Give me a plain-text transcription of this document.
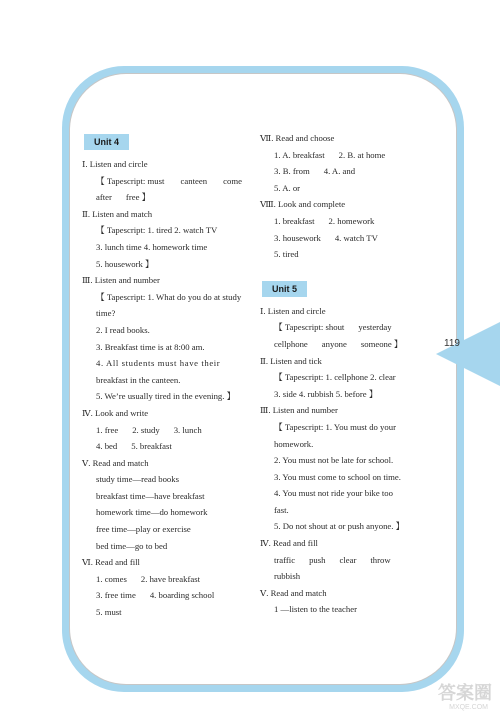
119
Unit 4
Ⅰ. Listen and circle
【 Tapescript: must canteen come
after free 】
Ⅱ. Listen and match
【 Tapescript: 1. tired 2. watch TV
3. lunch time 4. homework time
5. housework 】
Ⅲ. Listen and number
【 Tapescript: 1. What do you do at study
time?
2. I read books.
3. Breakfast time is at 8:00 am.
4. All students must have their
breakfast in the canteen.
5. We’re usually tired in the evening. 】
Ⅳ. Look and write
1. free 2. study 3. lunch
4. bed 5. breakfast
Ⅴ. Read and match
study time—read books
breakfast time—have breakfast
homework time—do homework
free time—play or exercise
bed time—go to bed
Ⅵ. Read and fill
1. comes 2. have breakfast
3. free time 4. boarding school
5. must
Ⅶ. Read and choose
1. A. breakfast 2. B. at home
3. B. from 4. A. and
5. A. or
Ⅷ. Look and complete
1. breakfast 2. homework
3. housework 4. watch TV
5. tired
Unit 5
Ⅰ. Listen and circle
【 Tapescript: shout yesterday
cellphone anyone someone 】
Ⅱ. Listen and tick
【 Tapescript: 1. cellphone 2. clear
3. side 4. rubbish 5. before 】
Ⅲ. Listen and number
【 Tapescript: 1. You must do your
homework.
2. You must not be late for school.
3. You must come to school on time.
4. You must not ride your bike too
fast.
5. Do not shout at or push anyone. 】
Ⅳ. Read and fill
traffic push clear throw
rubbish
Ⅴ. Read and match
1 —listen to the teacher
答案圈
MXQE.COM
